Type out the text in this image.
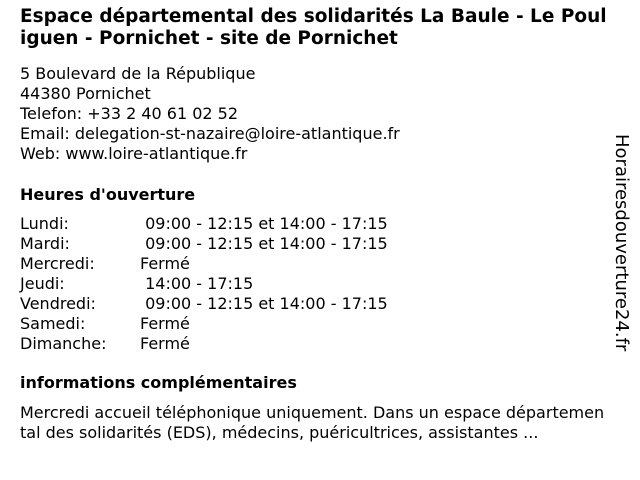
Espace départemental des solidarités La Baule - Le Pouliguen - Pornichet - site de Pornichet
5 Boulevard de la République
44380 Pornichet
Telefon: +33 2 40 61 02 52
Email: delegation-st-nazaire@loire-atlantique.fr
Web: www.loire-atlantique.fr
Heures d'ouverture
Lundi:	09:00 - 12:15 et 14:00 - 17:15
Mardi:	09:00 - 12:15 et 14:00 - 17:15
Mercredi:	Fermé
Jeudi:	14:00 - 17:15
Vendredi:	09:00 - 12:15 et 14:00 - 17:15
Samedi:	Fermé
Dimanche:	Fermé
informations complémentaires
Mercredi accueil téléphonique uniquement. Dans un espace départemental des solidarités (EDS), médecins, puéricultrices, assistantes ...
Horairesdouverture24.fr
